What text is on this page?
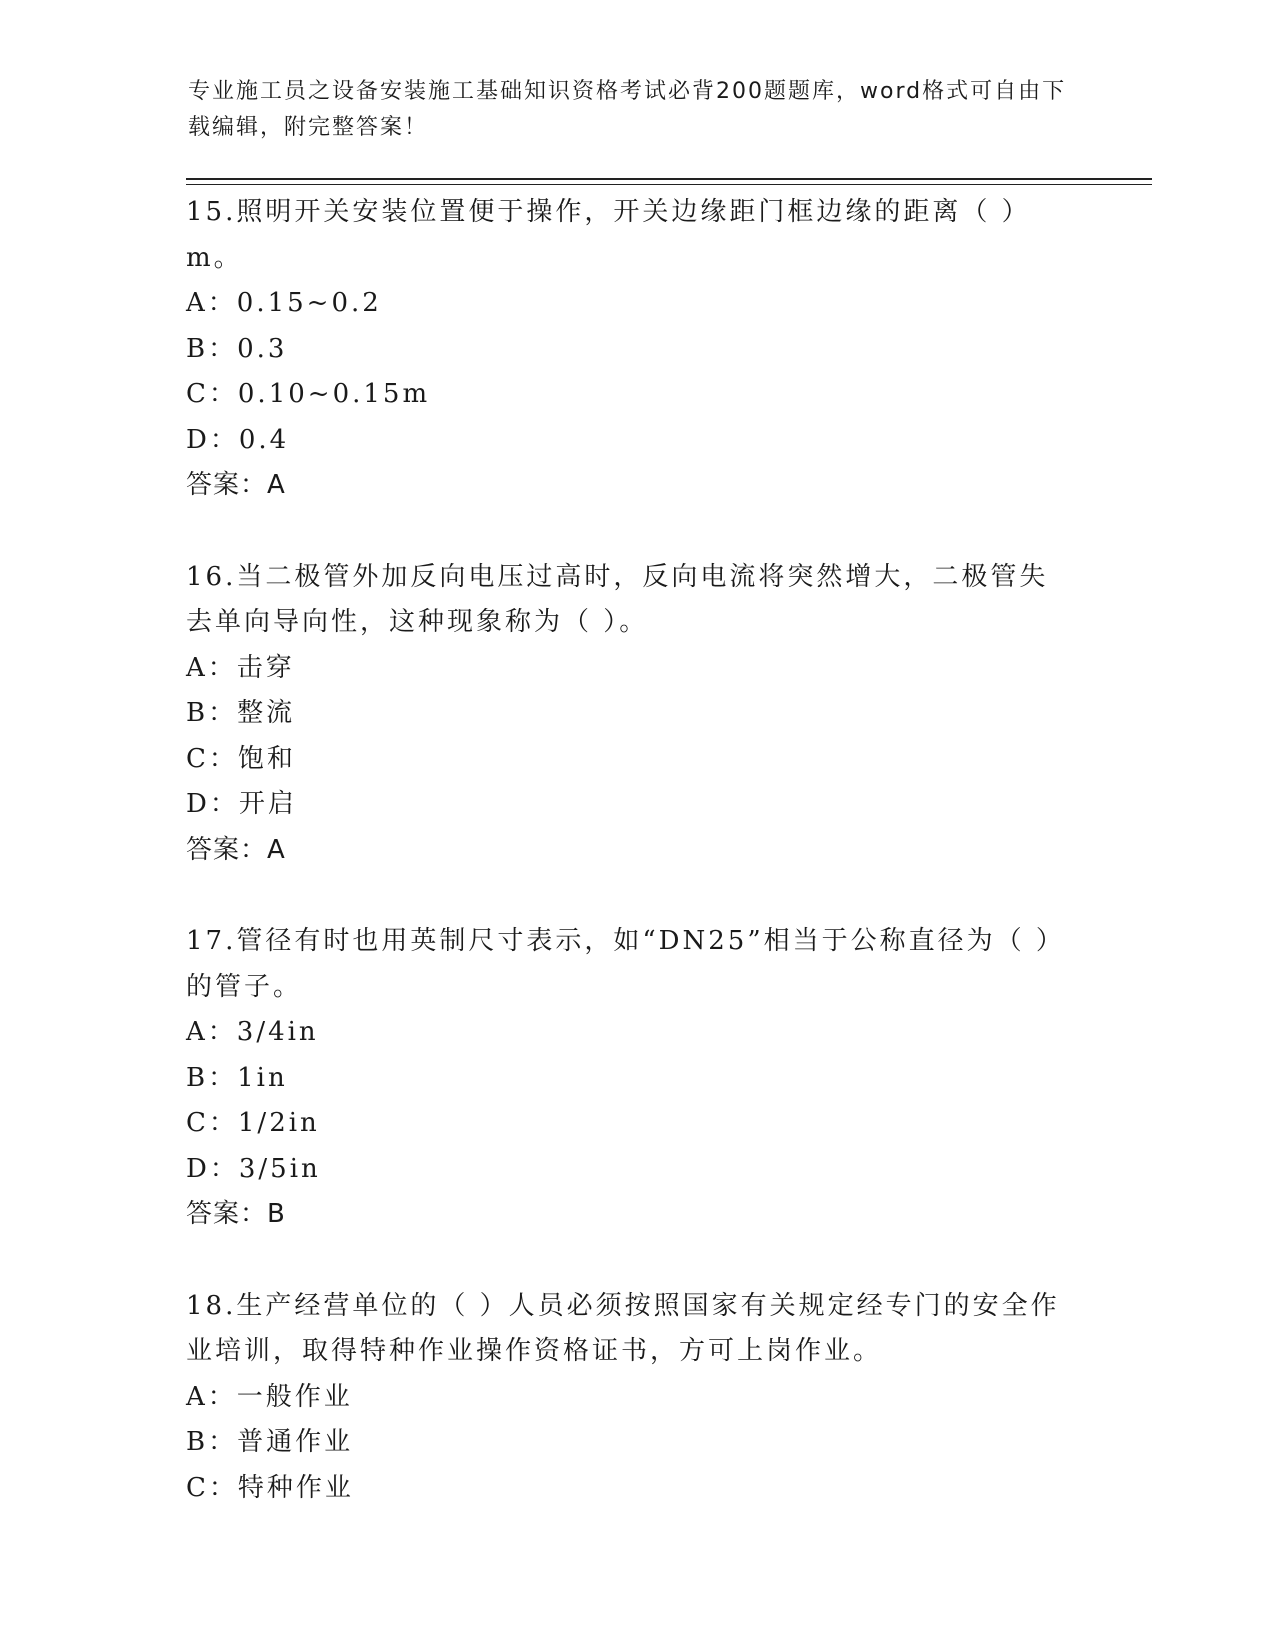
专业施工员之设备安装施工基础知识资格考试必背200题题库，word格式可自由下载编辑，附完整答案！
15.照明开关安装位置便于操作，开关边缘距门框边缘的距离（ ）m。
A：0.15~0.2
B：0.3
C：0.10~0.15m
D：0.4
答案：A
16.当二极管外加反向电压过高时，反向电流将突然增大，二极管失去单向导向性，这种现象称为（ ）。
A：击穿
B：整流
C：饱和
D：开启
答案：A
17.管径有时也用英制尺寸表示，如“DN25”相当于公称直径为（ ）的管子。
A：3/4in
B：1in
C：1/2in
D：3/5in
答案：B
18.生产经营单位的（ ）人员必须按照国家有关规定经专门的安全作业培训，取得特种作业操作资格证书，方可上岗作业。
A：一般作业
B：普通作业
C：特种作业
